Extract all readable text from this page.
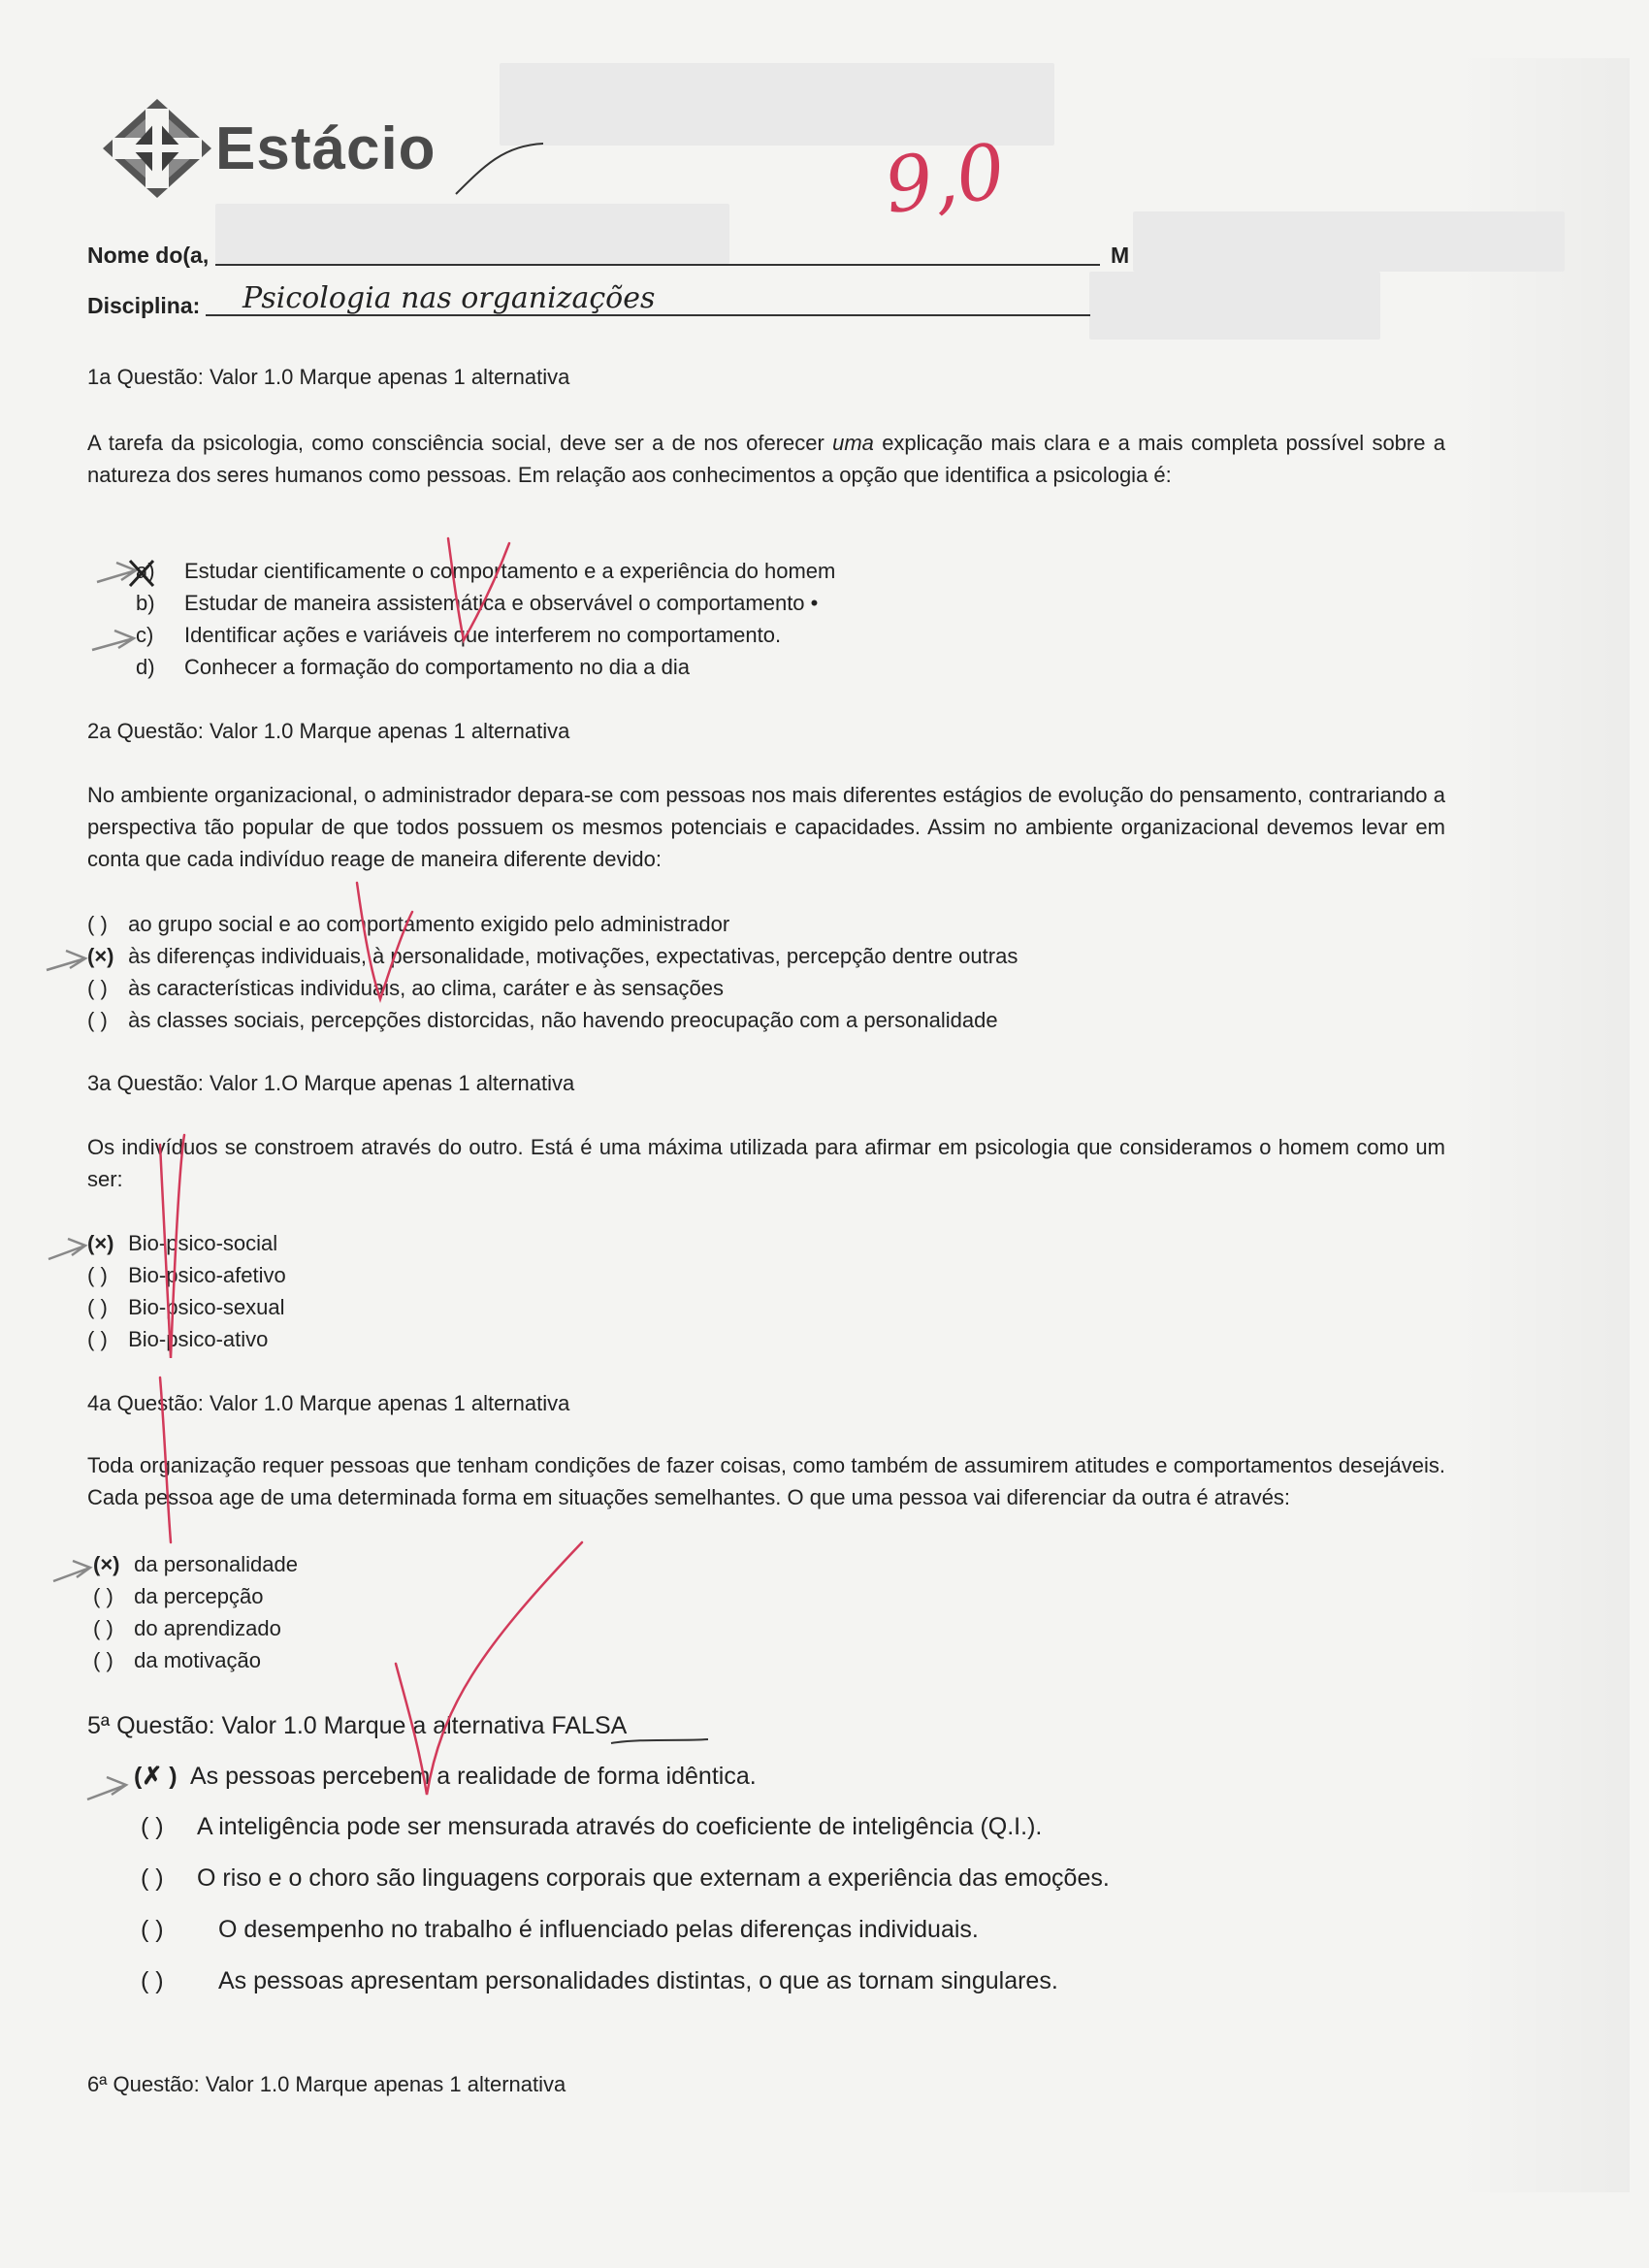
Estácio
Nome do(a,	M
Disciplina: Psicologia nas organizações
9,0
1a Questão: Valor 1.0 Marque apenas 1 alternativa
A tarefa da psicologia, como consciência social, deve ser a de nos oferecer uma explicação mais clara e a mais completa possível sobre a natureza dos seres humanos como pessoas. Em relação aos conhecimentos a opção que identifica a psicologia é:
a) Estudar cientificamente o comportamento e a experiência do homem
b) Estudar de maneira assistemática e observável o comportamento •
c) Identificar ações e variáveis que interferem no comportamento.
d) Conhecer a formação do comportamento no dia a dia
2a Questão: Valor 1.0 Marque apenas 1 alternativa
No ambiente organizacional, o administrador depara-se com pessoas nos mais diferentes estágios de evolução do pensamento, contrariando a perspectiva tão popular de que todos possuem os mesmos potenciais e capacidades. Assim no ambiente organizacional devemos levar em conta que cada indivíduo reage de maneira diferente devido:
( ) ao grupo social e ao comportamento exigido pelo administrador
(×) às diferenças individuais, à personalidade, motivações, expectativas, percepção dentre outras
( ) às características individuais, ao clima, caráter e às sensações
( ) às classes sociais, percepções distorcidas, não havendo preocupação com a personalidade
3a Questão: Valor 1.O Marque apenas 1 alternativa
Os indivíduos se constroem através do outro. Está é uma máxima utilizada para afirmar em psicologia que consideramos o homem como um ser:
(×) Bio-psico-social
( ) Bio-psico-afetivo
( ) Bio-psico-sexual
( ) Bio-psico-ativo
4a Questão: Valor 1.0 Marque apenas 1 alternativa
Toda organização requer pessoas que tenham condições de fazer coisas, como também de assumirem atitudes e comportamentos desejáveis. Cada pessoa age de uma determinada forma em situações semelhantes. O que uma pessoa vai diferenciar da outra é através:
(×) da personalidade
( ) da percepção
( ) do aprendizado
( ) da motivação
5ª Questão: Valor 1.0 Marque a alternativa FALSA
(✗ ) As pessoas percebem a realidade de forma idêntica.
( ) A inteligência pode ser mensurada através do coeficiente de inteligência (Q.I.).
( ) O riso e o choro são linguagens corporais que externam a experiência das emoções.
( ) O desempenho no trabalho é influenciado pelas diferenças individuais.
( ) As pessoas apresentam personalidades distintas, o que as tornam singulares.
6ª Questão: Valor 1.0 Marque apenas 1 alternativa
